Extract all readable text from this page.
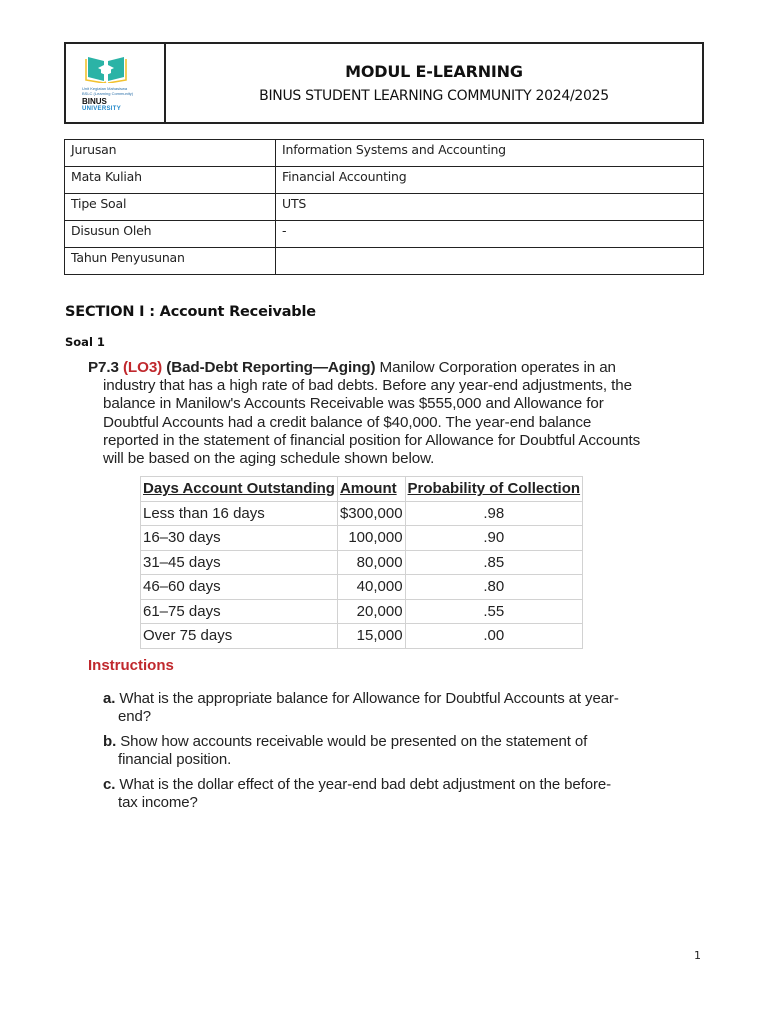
Unit Kegiatan Mahasiswa
BSLC (Learning Community)
BINUS
UNIVERSITY
MODUL E-LEARNING
BINUS STUDENT LEARNING COMMUNITY 2024/2025
Jurusan	Information Systems and Accounting
Mata Kuliah	Financial Accounting
Tipe Soal	UTS
Disusun Oleh	-
Tahun Penyusunan	
SECTION I : Account Receivable
Soal 1
P7.3 (LO3) (Bad-Debt Reporting—Aging) Manilow Corporation operates in an industry that has a high rate of bad debts. Before any year-end adjustments, the balance in Manilow's Accounts Receivable was $555,000 and Allowance for Doubtful Accounts had a credit balance of $40,000. The year-end balance reported in the statement of financial position for Allowance for Doubtful Accounts will be based on the aging schedule shown below.
Days Account Outstanding	Amount	Probability of Collection
Less than 16 days	$300,000	.98
16–30 days	100,000	.90
31–45 days	80,000	.85
46–60 days	40,000	.80
61–75 days	20,000	.55
Over 75 days	15,000	.00
Instructions
a. What is the appropriate balance for Allowance for Doubtful Accounts at year-end?
b. Show how accounts receivable would be presented on the statement of financial position.
c. What is the dollar effect of the year-end bad debt adjustment on the before-tax income?
1
